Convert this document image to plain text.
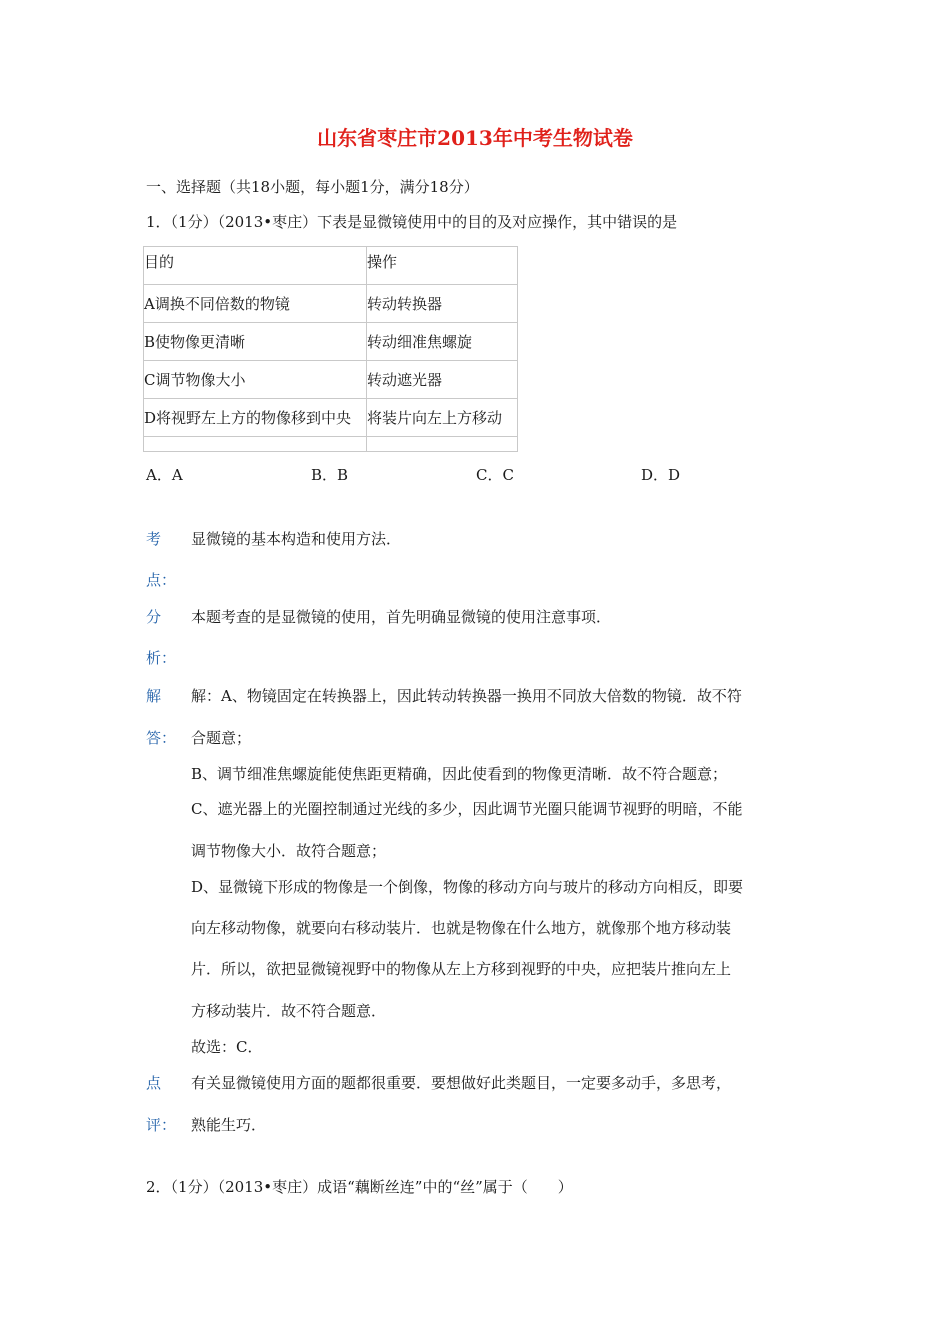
山东省枣庄市2013年中考生物试卷
一、选择题（共18小题，每小题1分，满分18分）
1．（1分）（2013•枣庄）下表是显微镜使用中的目的及对应操作，其中错误的是
目的	操作
A调换不同倍数的物镜	转动转换器
B使物像更清晰	转动细准焦螺旋
C调节物像大小	转动遮光器
D将视野左上方的物像移到中央	将装片向左上方移动

A．A	B．B	C．C	D．D
考
点：
显微镜的基本构造和使用方法．
分
析：
本题考查的是显微镜的使用，首先明确显微镜的使用注意事项．
解
答：
解：A、物镜固定在转换器上，因此转动转换器一换用不同放大倍数的物镜．故不符
合题意；
B、调节细准焦螺旋能使焦距更精确，因此使看到的物像更清晰．故不符合题意；
C、遮光器上的光圈控制通过光线的多少，因此调节光圈只能调节视野的明暗，不能
调节物像大小．故符合题意；
D、显微镜下形成的物像是一个倒像，物像的移动方向与玻片的移动方向相反，即要
向左移动物像，就要向右移动装片．也就是物像在什么地方，就像那个地方移动装
片．所以，欲把显微镜视野中的物像从左上方移到视野的中央，应把装片推向左上
方移动装片．故不符合题意．
故选：C．
点
评：
有关显微镜使用方面的题都很重要．要想做好此类题目，一定要多动手，多思考，
熟能生巧．
2．（1分）（2013•枣庄）成语“藕断丝连”中的“丝”属于（　　）
